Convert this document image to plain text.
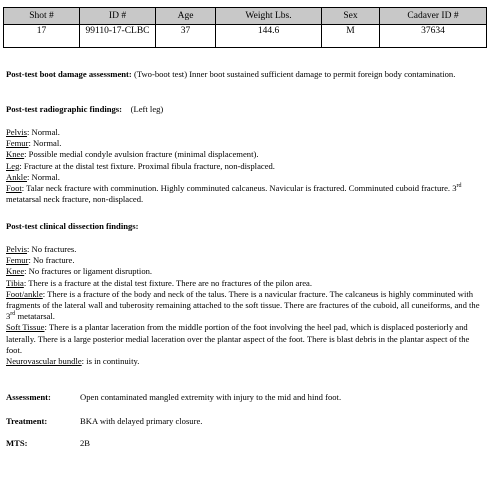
Shot #	ID #	Age	Weight Lbs.	Sex	Cadaver ID #
17	99110-17-CLBC	37	144.6	M	37634
Post-test boot damage assessment: (Two-boot test) Inner boot sustained sufficient damage to permit foreign body contamination.
Post-test radiographic findings: (Left leg)
Pelvis: Normal.
Femur: Normal.
Knee: Possible medial condyle avulsion fracture (minimal displacement).
Leg: Fracture at the distal test fixture. Proximal fibula fracture, non-displaced.
Ankle: Normal.
Foot: Talar neck fracture with comminution. Highly comminuted calcaneus. Navicular is fractured. Comminuted cuboid fracture. 3rd metatarsal neck fracture, non-displaced.
Post-test clinical dissection findings:
Pelvis: No fractures.
Femur: No fracture.
Knee: No fractures or ligament disruption.
Tibia: There is a fracture at the distal test fixture. There are no fractures of the pilon area.
Foot/ankle: There is a fracture of the body and neck of the talus. There is a navicular fracture. The calcaneus is highly comminuted with fragments of the lateral wall and tuberosity remaining attached to the soft tissue. There are fractures of the cuboid, all cuneiforms, and the 3rd metatarsal.
Soft Tissue: There is a plantar laceration from the middle portion of the foot involving the heel pad, which is displaced posteriorly and laterally. There is a large posterior medial laceration over the plantar aspect of the foot. There is blast debris in the plantar aspect of the foot.
Neurovascular bundle: is in continuity.
Assessment:	Open contaminated mangled extremity with injury to the mid and hind foot.
Treatment:	BKA with delayed primary closure.
MTS:	2B
